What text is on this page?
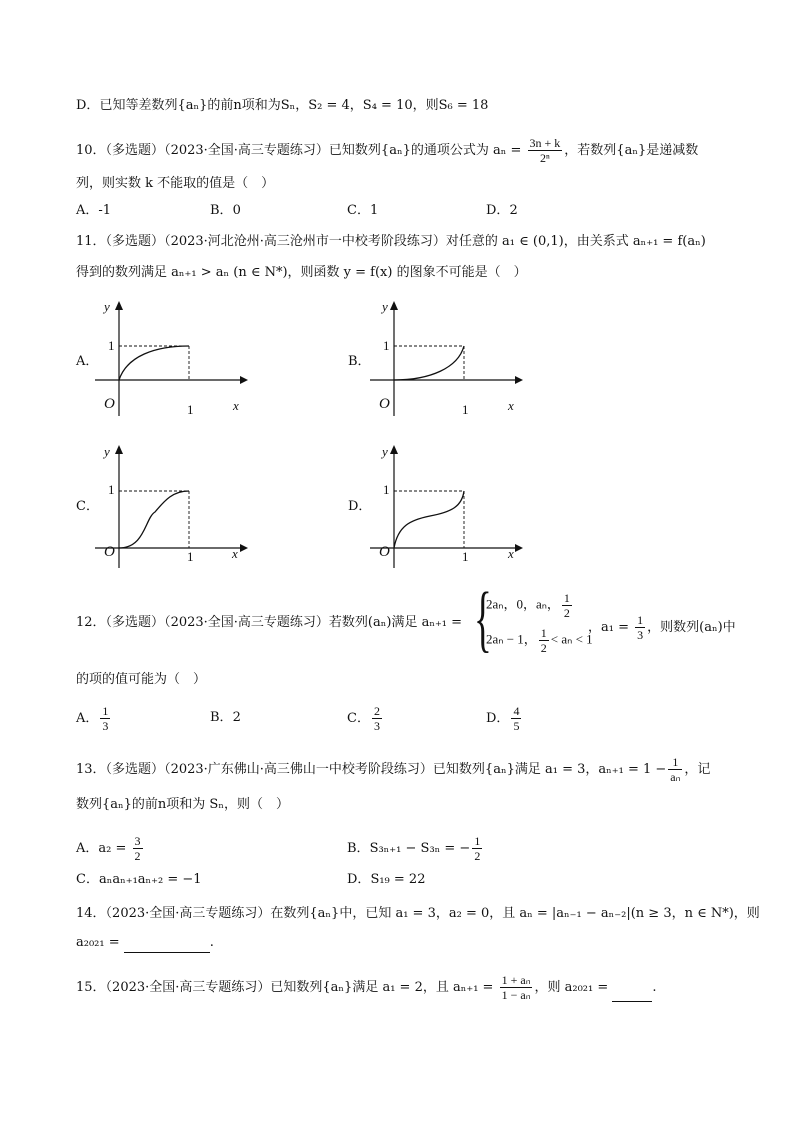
D．已知等差数列{aₙ}的前n项和为Sₙ，S₂ = 4，S₄ = 10，则S₆ = 18
10．（多选题）（2023·全国·高三专题练习）已知数列{aₙ}的通项公式为 $a_n = \frac{3n + k}{\text{2ⁿ}}$ ，若数列{aₙ}是递减数
列，则实数 k 不能取的值是（　）
A．-1	B．0	C．1	D．2
11．（多选题）（2023·河北沧州·高三沧州市一中校考阶段练习）对任意的 a₁ ∈ (0,1)，由关系式 aₙ₊₁ = f(aₙ)
得到的数列满足 aₙ₊₁ > aₙ (n ∈ N*)，则函数 y = f(x) 的图象不可能是（　）
A．
y
x
O	1
1
B．
y
x
O	1
1
C．
y
x
O	1
1
D．
y
x
O	1
1
12．（多选题）（2023·全国·高三专题练习）若数列(aₙ)满足 aₙ₊₁ = {
2aₙ，0，aₙ， $\frac{1}{2}$
2aₙ − 1， $\frac{1}{2} < a_n < 1$
，$a_1 = \frac{1}{3}$ ，则数列(aₙ)中
的项的值可能为（　）
A． $\frac{1}{3}$	B．2	C． $\frac{2}{3}$	D． $\frac{4}{5}$
13．（多选题）（2023·广东佛山·高三佛山一中校考阶段练习）已知数列{aₙ}满足 a₁ = 3，$a_{n+1} = 1 - \frac{1}{\text{aₙ}}$ ，记
数列{aₙ}的前n项和为 Sₙ，则（　）
A．$a_2 = \frac{3}{2}$	B．S₃ₙ₊₁ − S₃ₙ = − $\frac{1}{2}$
C．aₙaₙ₊₁aₙ₊₂ = −1	D．S₁₉ = 22
14．（2023·全国·高三专题练习）在数列{aₙ}中，已知 a₁ = 3，a₂ = 0，且 aₙ = |aₙ₋₁ − aₙ₋₂|(n ≥ 3，n ∈ N*)，则
a₂₀₂₁ =	.
15．（2023·全国·高三专题练习）已知数列{aₙ}满足 a₁ = 2，且 $a_{n+1} = \frac{\text{1 + aₙ}}{\text{1 − aₙ}}$ ，则 a₂₀₂₁ =	.
